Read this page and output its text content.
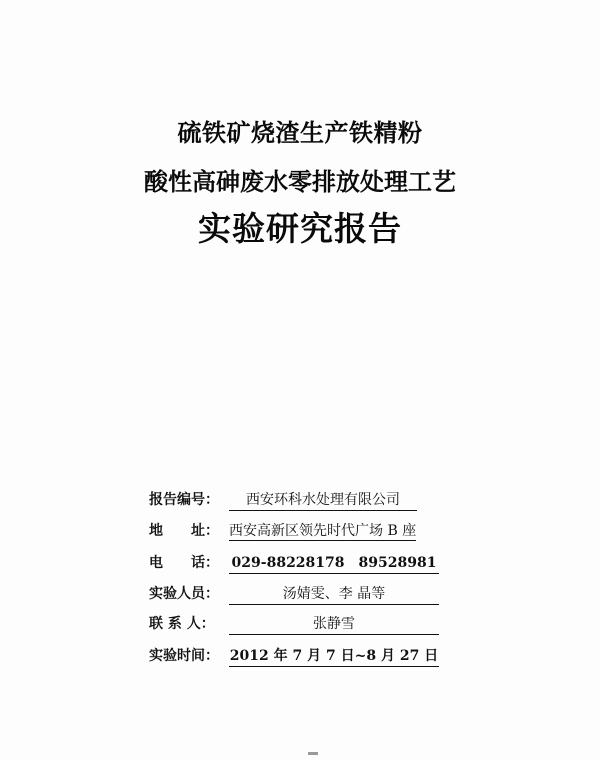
硫铁矿烧渣生产铁精粉
酸性高砷废水零排放处理工艺
实验研究报告
报告编号：	西安环科水处理有限公司
地　　址： 西安高新区领先时代广场 B 座
电　　话： 029-88228178　89528981
实验人员：	汤婧雯、李 晶等
联 系 人：	张静雪
实验时间： 2012 年 7 月 7 日~8 月 27 日
